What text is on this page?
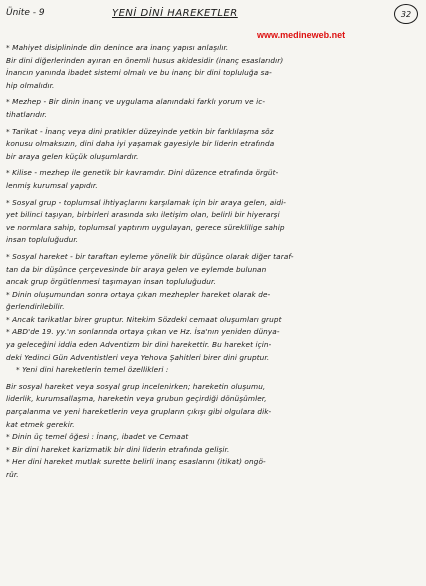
Ünite - 9	YENİ DİNİ HAREKETLER	32
www.medineweb.net
* Mahiyet disiplininde din denince ara inanç yapısı anlaşılır.
Bir dini diğerlerinden ayıran en önemli husus akidesidir (inanç esaslarıdır)
İnancın yanında ibadet sistemi olmalı ve bu inanç bir dini topluluğa sa-
hip olmalıdır.
* Mezhep - Bir dinin inanç ve uygulama alanındaki farklı yorum ve ic-
tihatlarıdır.
* Tarikat - İnanç veya dini pratikler düzeyinde yetkin bir farklılaşma söz
konusu olmaksızın, dini daha iyi yaşamak gayesiyle bir liderin etrafında
bir araya gelen küçük oluşumlardır.
* Kilise - mezhep ile genetik bir kavramdır. Dini düzence etrafında örgüt-
lenmiş kurumsal yapıdır.
* Sosyal grup - toplumsal ihtiyaçlarını karşılamak için bir araya gelen, aidi-
yet bilinci taşıyan, birbirleri arasında sıkı iletişim olan, belirli bir hiyerarşi
ve normlara sahip, toplumsal yaptırım uygulayan, gerece süreklilige sahip
insan topluluğudur.
* Sosyal hareket - bir taraftan eyleme yönelik bir düşünce olarak diğer taraf-
tan da bir düşünce çerçevesinde bir araya gelen ve eylemde bulunan
ancak grup örgütlenmesi taşımayan insan topluluğudur.
* Dinin oluşumundan sonra ortaya çıkan mezhepler hareket olarak de-
ğerlendirilebilir.
* Ancak tarikatlar birer gruptur. Nitekim Sözdeki cemaat oluşumları grupt
* ABD'de 19. yy.'ın sonlarında ortaya çıkan ve Hz. İsa'nın yeniden dünya-
ya geleceğini iddia eden Adventizm bir dini harekettir. Bu hareket için-
deki Yedinci Gün Adventistleri veya Yehova Şahitleri birer dini gruptur.
* Yeni dini hareketlerin temel özellikleri :
Bir sosyal hareket veya sosyal grup incelenirken; hareketin oluşumu,
liderlik, kurumsallaşma, hareketin veya grubun geçirdiği dönüşümler,
parçalanma ve yeni hareketlerin veya grupların çıkışı gibi olgulara dik-
kat etmek gerekir.
* Dinin üç temel öğesi : İnanç, ibadet ve Cemaat
* Bir dini hareket karizmatik bir dini liderin etrafında gelişir.
* Her dini hareket mutlak surette belirli inanç esaslarını (itikat) ongö-
rür.
